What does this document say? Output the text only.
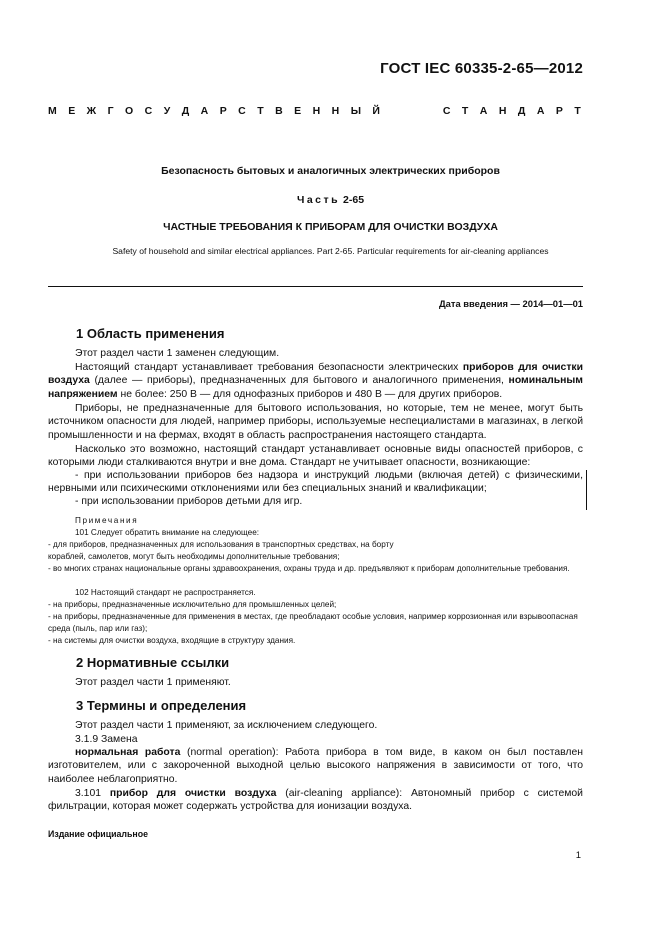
ГОСТ IEC 60335-2-65—2012
М Е Ж Г О С У Д А Р С Т В Е Н Н Ы Й	С Т А Н Д А Р Т
Безопасность бытовых и аналогичных электрических приборов
Часть 2-65
ЧАСТНЫЕ ТРЕБОВАНИЯ К ПРИБОРАМ ДЛЯ ОЧИСТКИ ВОЗДУХА
Safety of household and similar electrical appliances. Part 2-65. Particular requirements for air-cleaning appliances
Дата введения — 2014—01—01
1 Область применения
Этот раздел части 1 заменен следующим.
Настоящий стандарт устанавливает требования безопасности электрических приборов для очистки воздуха (далее — приборы), предназначенных для бытового и аналогичного применения, номинальным напряжением не более: 250 В — для однофазных приборов и 480 В — для других приборов.
Приборы, не предназначенные для бытового использования, но которые, тем не менее, могут быть источником опасности для людей, например приборы, используемые неспециалистами в магазинах, в легкой промышленности и на фермах, входят в область распространения настоящего стандарта.
Насколько это возможно, настоящий стандарт устанавливает основные виды опасностей приборов, с которыми люди сталкиваются внутри и вне дома. Стандарт не учитывает опасности, возникающие:
- при использовании приборов без надзора и инструкций людьми (включая детей) с физическими, нервными или психическими отклонениями или без специальных знаний и квалификации;
- при использовании приборов детьми для игр.
Примечания
101 Следует обратить внимание на следующее:
- для приборов, предназначенных для использования в транспортных средствах, на борту
кораблей, самолетов, могут быть необходимы дополнительные требования;
- во многих странах национальные органы здравоохранения, охраны труда и др. предъявляют к приборам дополнительные требования.
102 Настоящий стандарт не распространяется.
- на приборы, предназначенные исключительно для промышленных целей;
- на приборы, предназначенные для применения в местах, где преобладают особые условия, например коррозионная или взрывоопасная среда (пыль, пар или газ);
- на системы для очистки воздуха, входящие в структуру здания.
2 Нормативные ссылки
Этот раздел части 1 применяют.
3 Термины и определения
Этот раздел части 1 применяют, за исключением следующего.
3.1.9 Замена
нормальная работа (normal operation): Работа прибора в том виде, в каком он был поставлен изготовителем, или с закороченной выходной целью высокого напряжения в зависимости от того, что наиболее неблагоприятно.
3.101 прибор для очистки воздуха (air-cleaning appliance): Автономный прибор с системой фильтрации, которая может содержать устройства для ионизации воздуха.
Издание официальное
1
